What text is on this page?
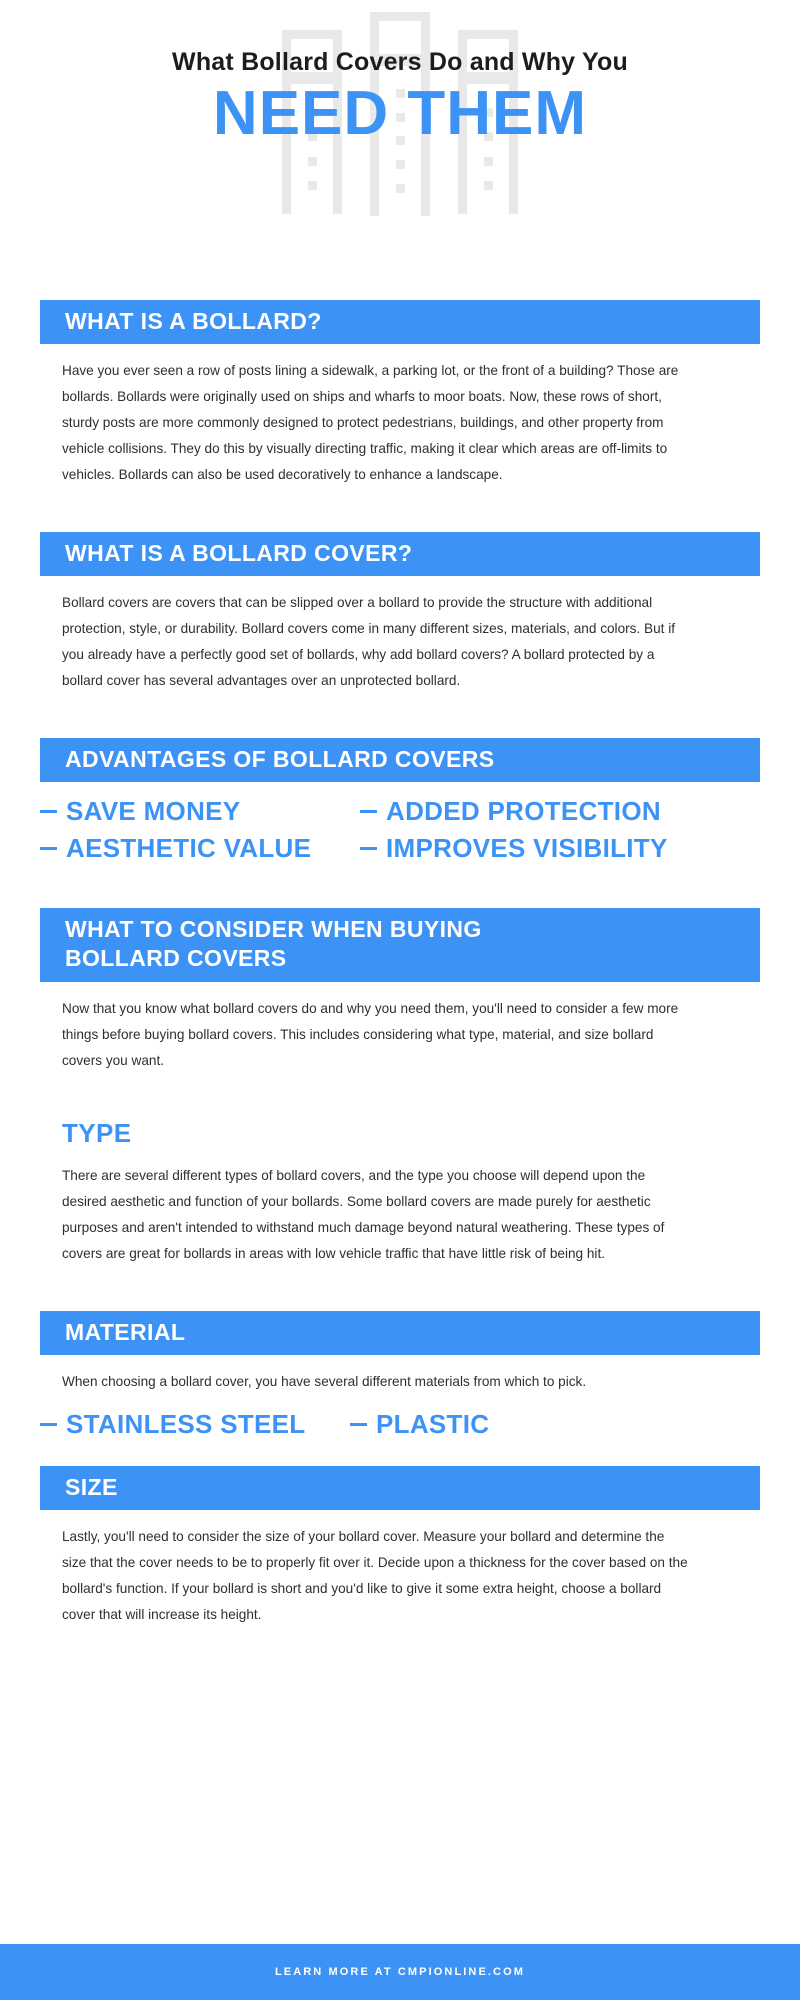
What Bollard Covers Do and Why You
NEED THEM
WHAT IS A BOLLARD?

Have you ever seen a row of posts lining a sidewalk, a parking lot, or the front of a building? Those are bollards. Bollards were originally used on ships and wharfs to moor boats. Now, these rows of short, sturdy posts are more commonly designed to protect pedestrians, buildings, and other property from vehicle collisions. They do this by visually directing traffic, making it clear which areas are off-limits to vehicles. Bollards can also be used decoratively to enhance a landscape.

WHAT IS A BOLLARD COVER?

Bollard covers are covers that can be slipped over a bollard to provide the structure with additional protection, style, or durability. Bollard covers come in many different sizes, materials, and colors. But if you already have a perfectly good set of bollards, why add bollard covers? A bollard protected by a bollard cover has several advantages over an unprotected bollard.

ADVANTAGES OF BOLLARD COVERS
SAVE MONEY	ADDED PROTECTION
AESTHETIC VALUE	IMPROVES VISIBILITY
WHAT TO CONSIDER WHEN BUYING
BOLLARD COVERS

Now that you know what bollard covers do and why you need them, you'll need to consider a few more things before buying bollard covers. This includes considering what type, material, and size bollard covers you want.

TYPE

There are several different types of bollard covers, and the type you choose will depend upon the desired aesthetic and function of your bollards. Some bollard covers are made purely for aesthetic purposes and aren't intended to withstand much damage beyond natural weathering. These types of covers are great for bollards in areas with low vehicle traffic that have little risk of being hit.

MATERIAL

When choosing a bollard cover, you have several different materials from which to pick.

STAINLESS STEEL	PLASTIC
SIZE

Lastly, you'll need to consider the size of your bollard cover. Measure your bollard and determine the size that the cover needs to be to properly fit over it. Decide upon a thickness for the cover based on the bollard's function. If your bollard is short and you'd like to give it some extra height, choose a bollard cover that will increase its height.

LEARN MORE AT CMPIONLINE.COM
